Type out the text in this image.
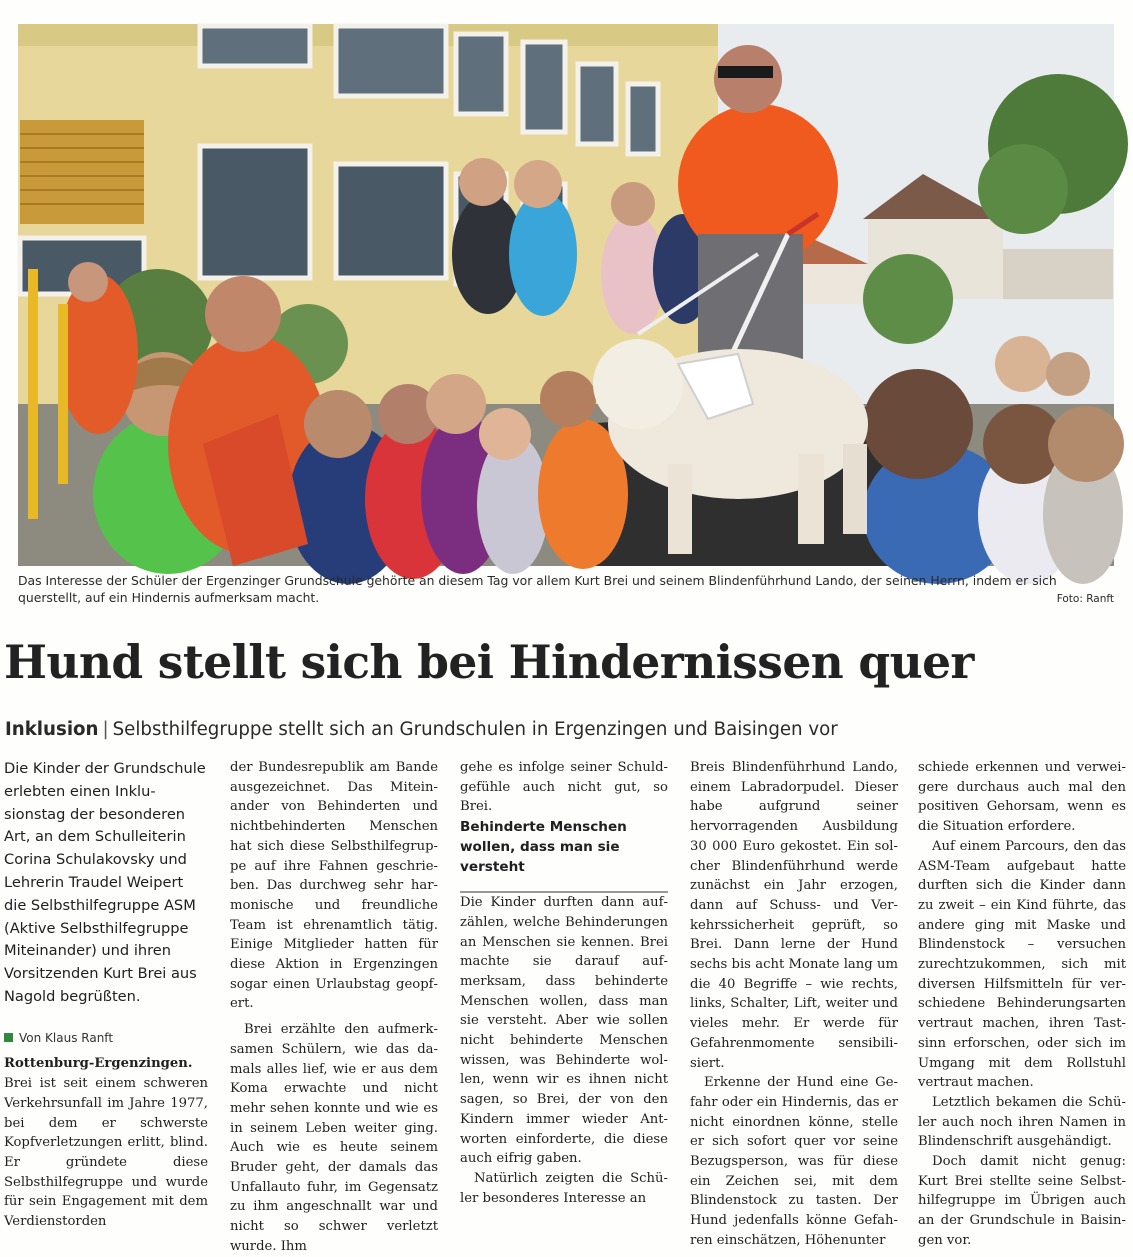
Das Interesse der Schüler der Ergenzinger Grundschule gehörte an diesem Tag vor allem Kurt Brei und seinem Blindenführhund Lando, der seinen Herrn, indem er sich querstellt, auf ein Hindernis aufmerksam macht.	Foto: Ranft
Hund stellt sich bei Hindernissen quer
Inklusion | Selbsthilfegruppe stellt sich an Grundschulen in Ergenzingen und Baisingen vor

Die Kinder der Grundschule erlebten einen Inklusionstag der besonderen Art, an dem Schulleiterin Corina Schulakovsky und Lehrerin Traudel Weipert die Selbsthilfegruppe ASM (Aktive Selbsthilfegruppe Miteinander) und ihren Vorsitzenden Kurt Brei aus Nagold begrüßten.

Von Klaus Ranft

Rottenburg-Ergenzingen. Brei ist seit einem schweren Verkehrsunfall im Jahre 1977, bei dem er schwerste Kopfverletzungen erlitt, blind. Er gründete diese Selbsthilfegruppe und wurde für sein Engagement mit dem Verdienstorden

der Bundesrepublik am Bande ausgezeichnet. Das Miteinander von Behinderten und nichtbehinderten Menschen hat sich diese Selbsthilfegruppe auf ihre Fahnen geschrieben. Das durchweg sehr harmonische und freundliche Team ist ehrenamtlich tätig. Einige Mitglieder hatten für diese Aktion in Ergenzingen sogar einen Urlaubstag geopfert.

Brei erzählte den aufmerksamen Schülern, wie das damals alles lief, wie er aus dem Koma erwachte und nicht mehr sehen konnte und wie es in seinem Leben weiter ging. Auch wie es heute seinem Bruder geht, der damals das Unfallauto fuhr, im Gegensatz zu ihm angeschnallt war und nicht so schwer verletzt wurde. Ihm

gehe es infolge seiner Schuldgefühle auch nicht gut, so Brei.

Behinderte Menschen wollen, dass man sie versteht

Die Kinder durften dann aufzählen, welche Behinderungen an Menschen sie kennen. Brei machte sie darauf aufmerksam, dass behinderte Menschen wollen, dass man sie versteht. Aber wie sollen nicht behinderte Menschen wissen, was Behinderte wollen, wenn wir es ihnen nicht sagen, so Brei, der von den Kindern immer wieder Antworten einforderte, die diese auch eifrig gaben.

Natürlich zeigten die Schüler besonderes Interesse an

Breis Blindenführhund Lando, einem Labradorpudel. Dieser habe aufgrund seiner hervorragenden Ausbildung 30 000 Euro gekostet. Ein solcher Blindenführhund werde zunächst ein Jahr erzogen, dann auf Schuss- und Verkehrssicherheit geprüft, so Brei. Dann lerne der Hund sechs bis acht Monate lang um die 40 Begriffe – wie rechts, links, Schalter, Lift, weiter und vieles mehr. Er werde für Gefahrenmomente sensibilisiert.

Erkenne der Hund eine Gefahr oder ein Hindernis, das er nicht einordnen könne, stelle er sich sofort quer vor seine Bezugsperson, was für diese ein Zeichen sei, mit dem Blindenstock zu tasten. Der Hund jedenfalls könne Gefahren einschätzen, Höhenunter

schiede erkennen und verweigere durchaus auch mal den positiven Gehorsam, wenn es die Situation erfordere.

Auf einem Parcours, den das ASM-Team aufgebaut hatte durften sich die Kinder dann zu zweit – ein Kind führte, das andere ging mit Maske und Blindenstock – versuchen zurechtzukommen, sich mit diversen Hilfsmitteln für verschiedene Behinderungsarten vertraut machen, ihren Tastsinn erforschen, oder sich im Umgang mit dem Rollstuhl vertraut machen.

Letztlich bekamen die Schüler auch noch ihren Namen in Blindenschrift ausgehändigt.

Doch damit nicht genug: Kurt Brei stellte seine Selbsthilfegruppe im Übrigen auch an der Grundschule in Baisingen vor.
